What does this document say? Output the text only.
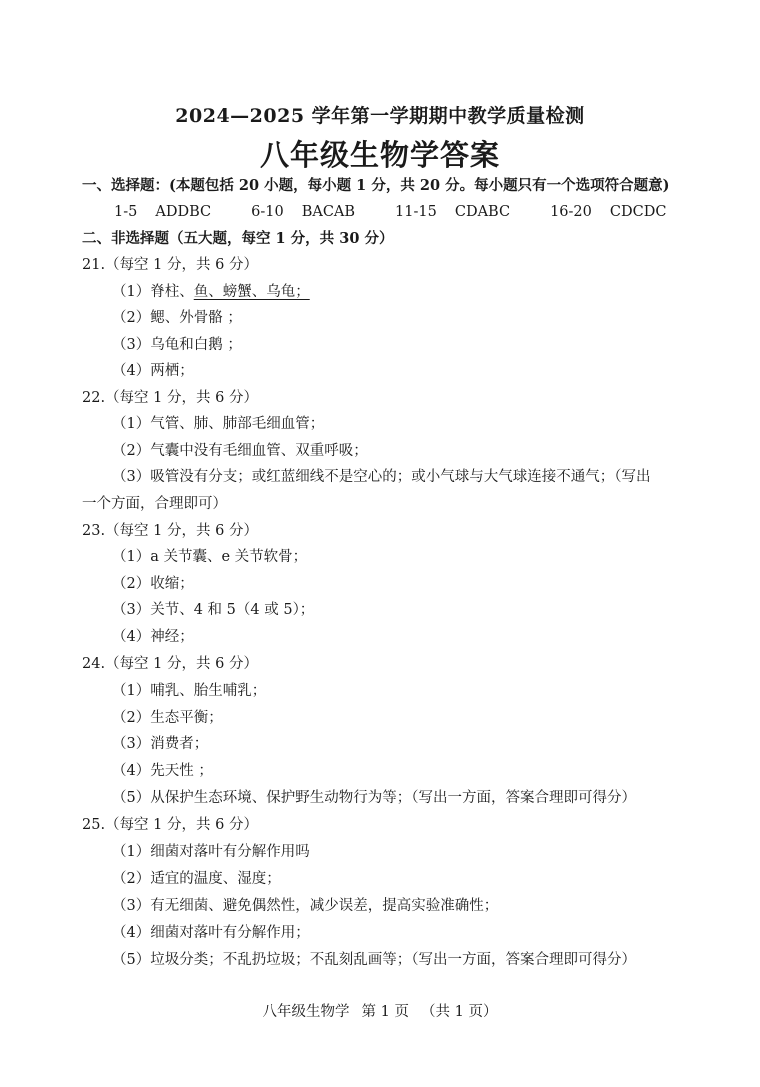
2024—2025 学年第一学期期中教学质量检测
八年级生物学答案
一、选择题：(本题包括 20 小题，每小题 1 分，共 20 分。每小题只有一个选项符合题意)
1-5 ADDBC	6-10 BACAB	11-15 CDABC	16-20 CDCDC
二、非选择题（五大题，每空 1 分，共 30 分）
21.（每空 1 分，共 6 分）
（1）脊柱、鱼、螃蟹、乌龟；
（2）鳃、外骨骼 ；
（3）乌龟和白鹅 ；
（4）两栖；
22.（每空 1 分，共 6 分）
（1）气管、肺、肺部毛细血管；
（2）气囊中没有毛细血管、双重呼吸；
（3）吸管没有分支；或红蓝细线不是空心的；或小气球与大气球连接不通气；（写出
一个方面，合理即可）
23.（每空 1 分，共 6 分）
（1）a 关节囊、e 关节软骨；
（2）收缩；
（3）关节、4 和 5（4 或 5）；
（4）神经；
24.（每空 1 分，共 6 分）
（1）哺乳、胎生哺乳；
（2）生态平衡；
（3）消费者；
（4）先天性 ；
（5）从保护生态环境、保护野生动物行为等；（写出一方面，答案合理即可得分）
25.（每空 1 分，共 6 分）
（1）细菌对落叶有分解作用吗
（2）适宜的温度、湿度；
（3）有无细菌、避免偶然性，减少误差，提高实验准确性；
（4）细菌对落叶有分解作用；
（5）垃圾分类；不乱扔垃圾；不乱刻乱画等；（写出一方面，答案合理即可得分）
八年级生物学 第 1 页 （共 1 页）
